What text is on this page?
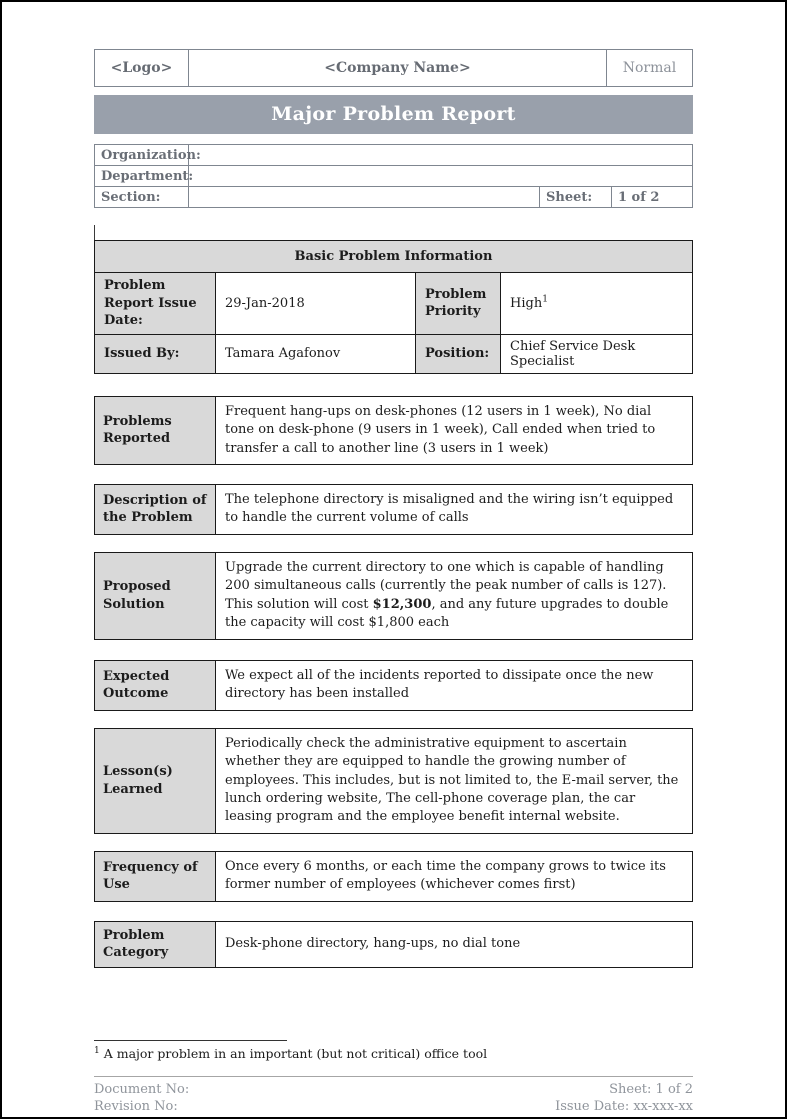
<Logo>	<Company Name>	Normal
Major Problem Report
Organization:			
Department:			
Section:		Sheet:	1 of 2
Basic Problem Information			
Problem Report Issue Date:	29-Jan-2018	Problem Priority	High$^1$
Issued By:	Tamara Agafonov	Position:	Chief Service Desk Specialist
Problems Reported	Frequent hang-ups on desk-phones (12 users in 1 week), No dial tone on desk-phone (9 users in 1 week), Call ended when tried to transfer a call to another line (3 users in 1 week)
Description of the Problem	The telephone directory is misaligned and the wiring isn’t equipped to handle the current volume of calls
Proposed Solution	Upgrade the current directory to one which is capable of handling 200 simultaneous calls (currently the peak number of calls is 127). This solution will cost $12,300, and any future upgrades to double the capacity will cost $1,800 each
Expected Outcome	We expect all of the incidents reported to dissipate once the new directory has been installed
Lesson(s) Learned	Periodically check the administrative equipment to ascertain whether they are equipped to handle the growing number of employees. This includes, but is not limited to, the E-mail server, the lunch ordering website, The cell-phone coverage plan, the car leasing program and the employee benefit internal website.
Frequency of Use	Once every 6 months, or each time the company grows to twice its former number of employees (whichever comes first)
Problem Category	Desk-phone directory, hang-ups, no dial tone
$^1$ A major problem in an important (but not critical) office tool
Document No:
Revision No:
Sheet: 1 of 2
Issue Date: xx-xxx-xx
